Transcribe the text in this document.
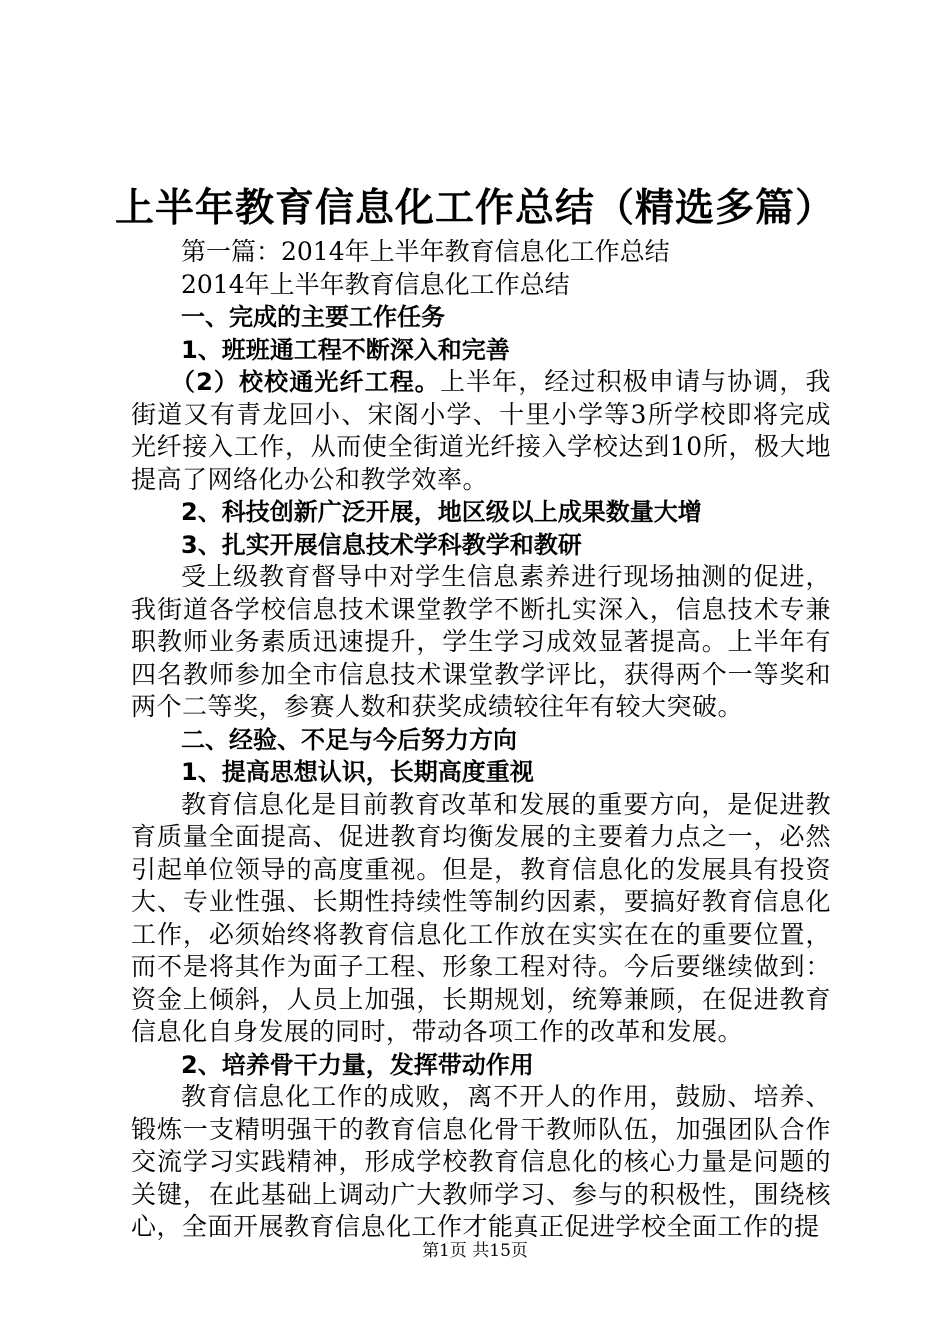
上半年教育信息化工作总结（精选多篇）

第一篇：2014年上半年教育信息化工作总结

2014年上半年教育信息化工作总结

一、完成的主要工作任务

1、班班通工程不断深入和完善

（2）校校通光纤工程。上半年，经过积极申请与协调，我街道又有青龙回小、宋阁小学、十里小学等3所学校即将完成光纤接入工作，从而使全街道光纤接入学校达到10所，极大地提高了网络化办公和教学效率。

2、科技创新广泛开展，地区级以上成果数量大增

3、扎实开展信息技术学科教学和教研

受上级教育督导中对学生信息素养进行现场抽测的促进，我街道各学校信息技术课堂教学不断扎实深入，信息技术专兼职教师业务素质迅速提升，学生学习成效显著提高。上半年有四名教师参加全市信息技术课堂教学评比，获得两个一等奖和两个二等奖，参赛人数和获奖成绩较往年有较大突破。

二、经验、不足与今后努力方向

1、提高思想认识，长期高度重视

教育信息化是目前教育改革和发展的重要方向，是促进教育质量全面提高、促进教育均衡发展的主要着力点之一，必然引起单位领导的高度重视。但是，教育信息化的发展具有投资大、专业性强、长期性持续性等制约因素，要搞好教育信息化工作，必须始终将教育信息化工作放在实实在在的重要位置，而不是将其作为面子工程、形象工程对待。今后要继续做到：资金上倾斜，人员上加强，长期规划，统筹兼顾，在促进教育信息化自身发展的同时，带动各项工作的改革和发展。

2、培养骨干力量，发挥带动作用

教育信息化工作的成败，离不开人的作用，鼓励、培养、锻炼一支精明强干的教育信息化骨干教师队伍，加强团队合作交流学习实践精神，形成学校教育信息化的核心力量是问题的关键，在此基础上调动广大教师学习、参与的积极性，围绕核心，全面开展教育信息化工作才能真正促进学校全面工作的提

第1页 共15页
